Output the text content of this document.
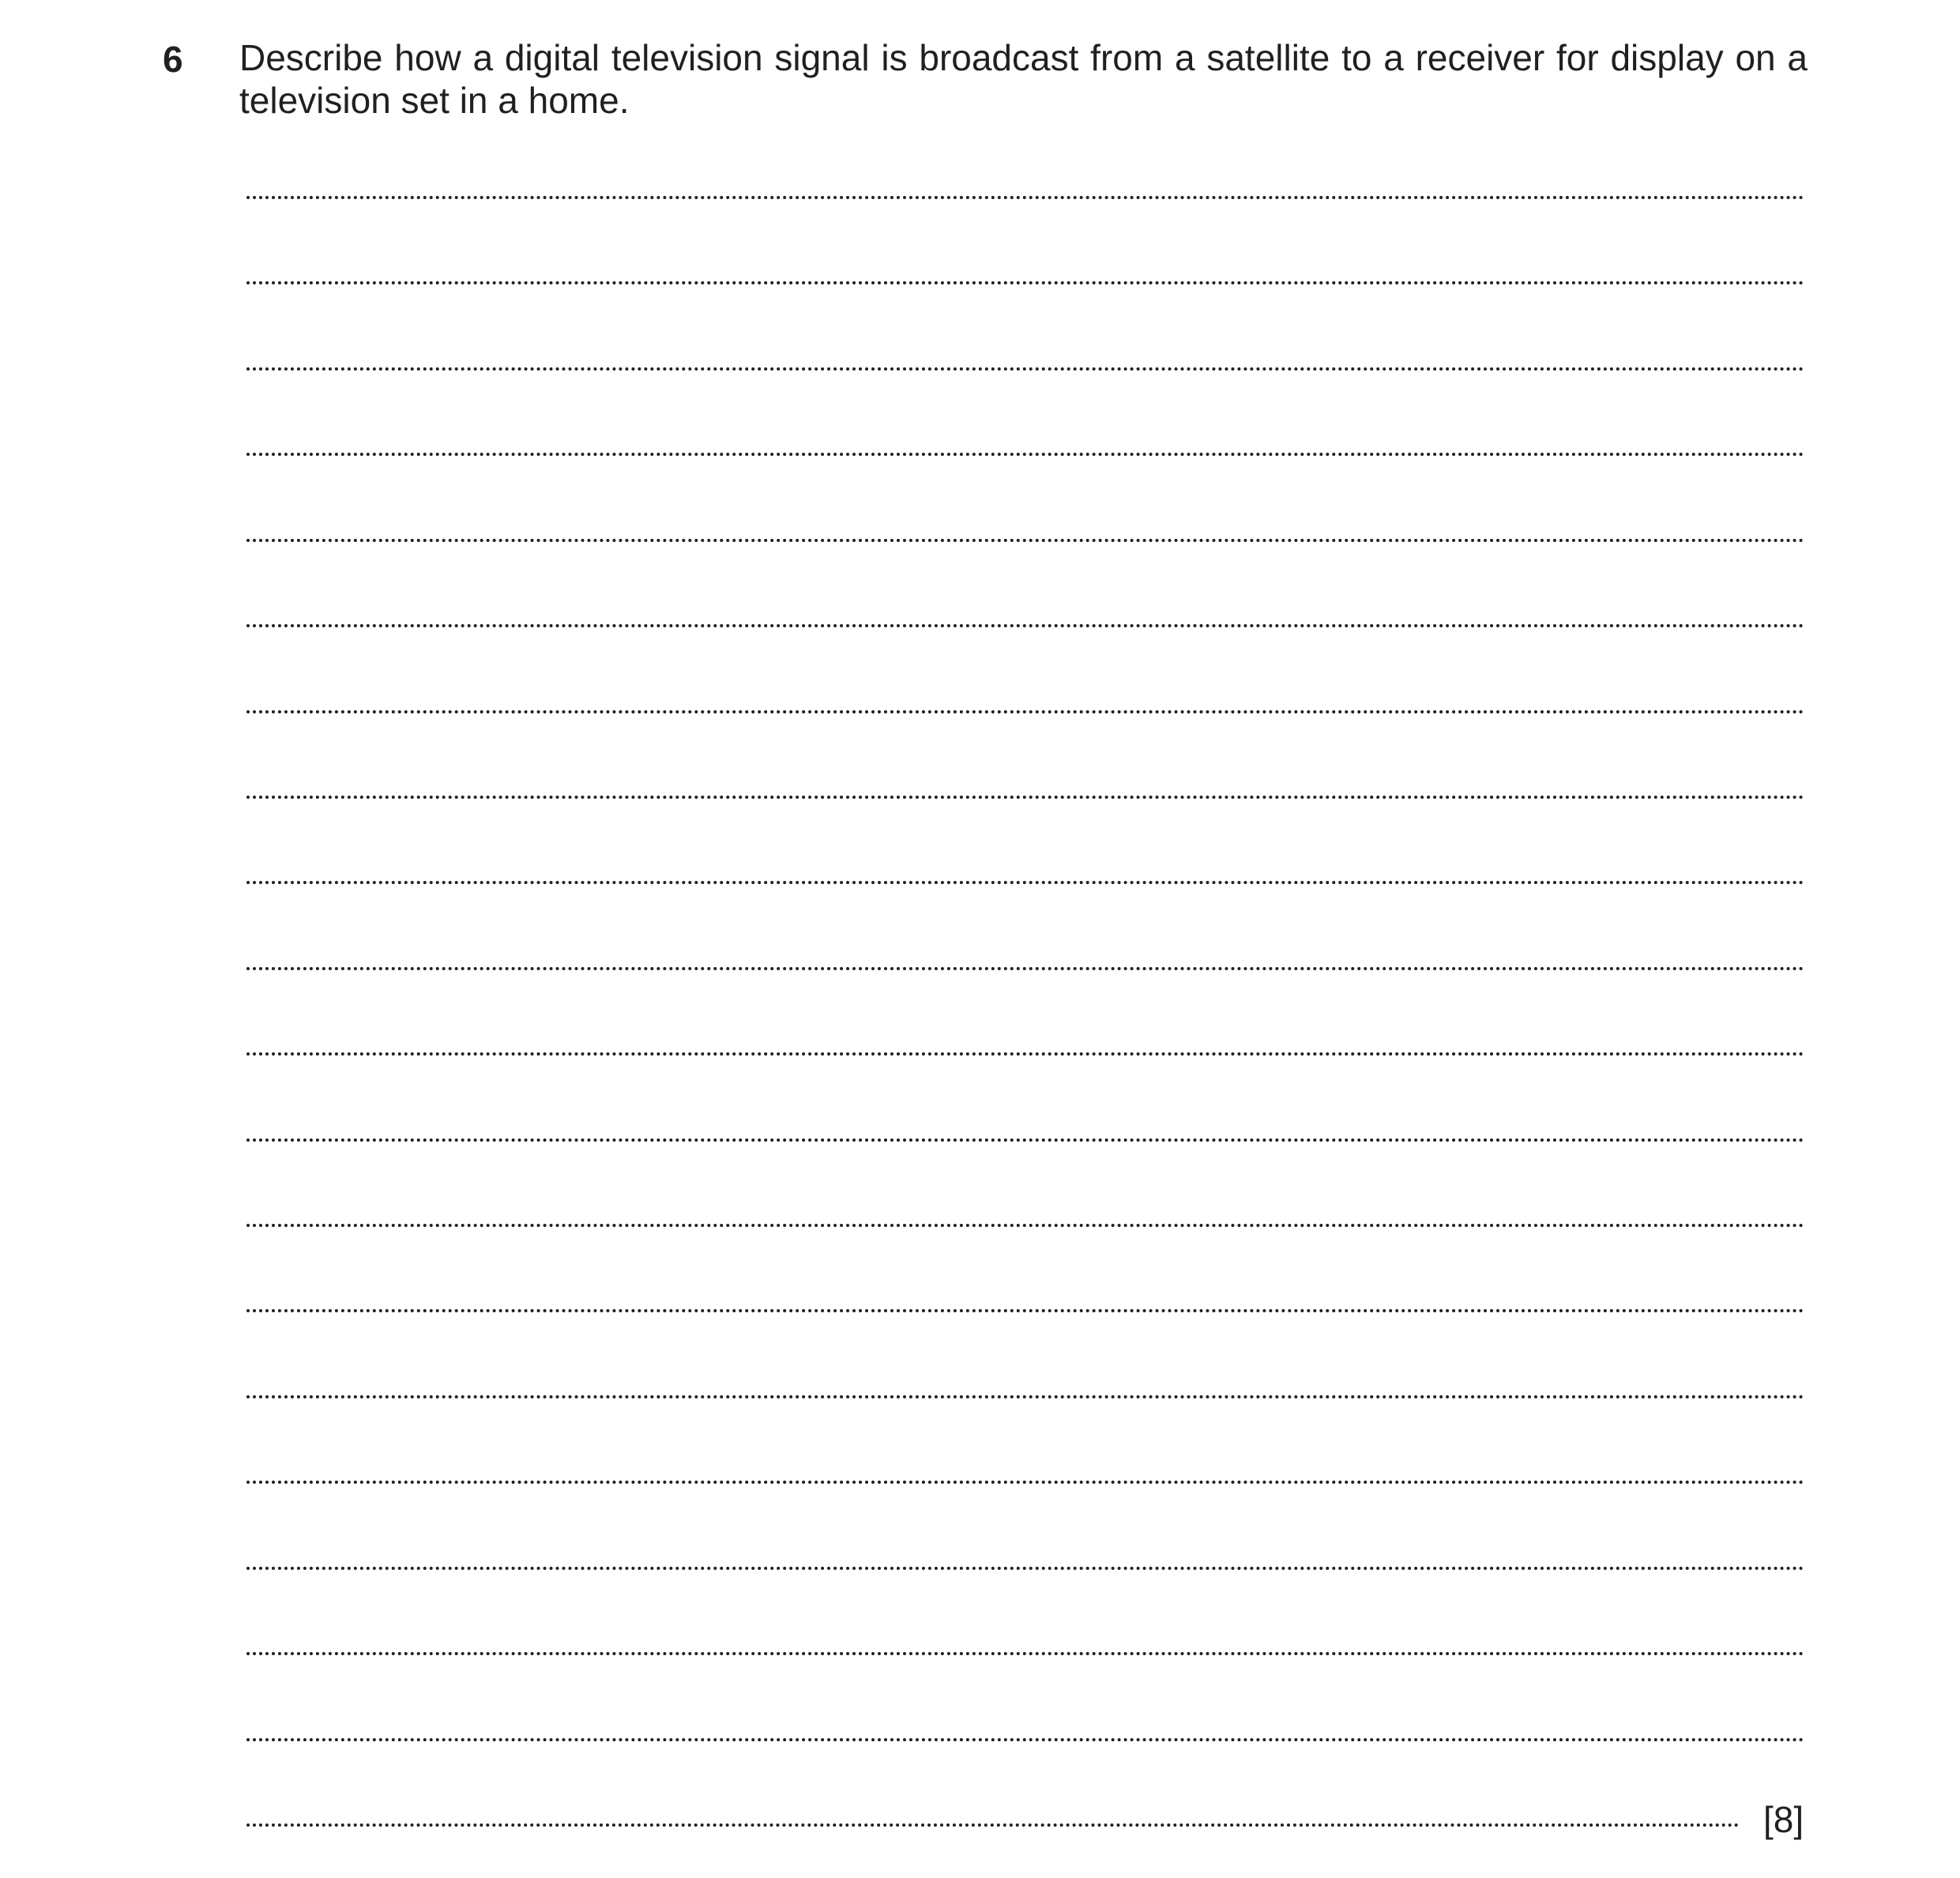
6 Describe how a digital television signal is broadcast from a satellite to a receiver for display on a television set in a home.

[8]
